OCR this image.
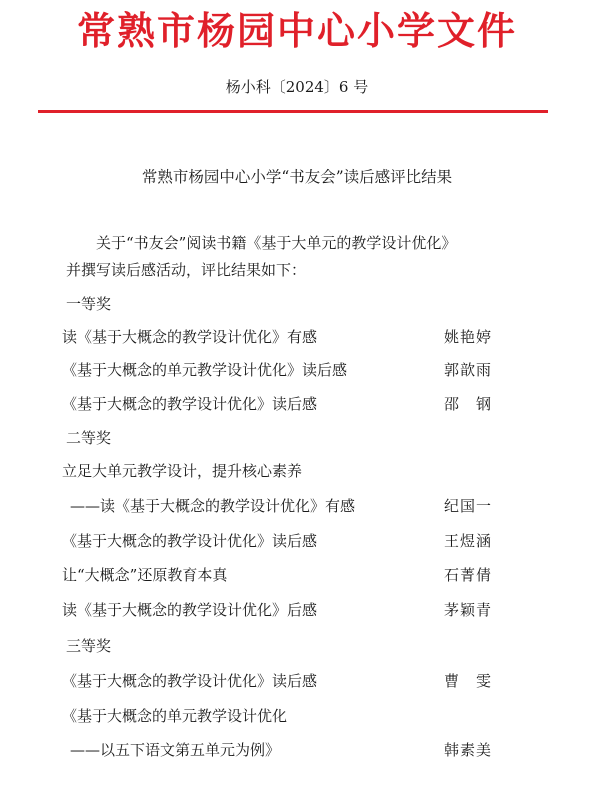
常熟市杨园中心小学文件
杨小科〔2024〕6 号
常熟市杨园中心小学“书友会”读后感评比结果
关于“书友会”阅读书籍《基于大单元的教学设计优化》
并撰写读后感活动，评比结果如下：
一等奖
读《基于大概念的教学设计优化》有感	姚艳婷
《基于大概念的单元教学设计优化》读后感	郭歆雨
《基于大概念的教学设计优化》读后感	邵　钢
二等奖
立足大单元教学设计，提升核心素养
——读《基于大概念的教学设计优化》有感	纪国一
《基于大概念的教学设计优化》读后感	王煜涵
让“大概念”还原教育本真	石菁倩
读《基于大概念的教学设计优化》后感	茅颖青
三等奖
《基于大概念的教学设计优化》读后感	曹　雯
《基于大概念的单元教学设计优化
——以五下语文第五单元为例》	韩素美
